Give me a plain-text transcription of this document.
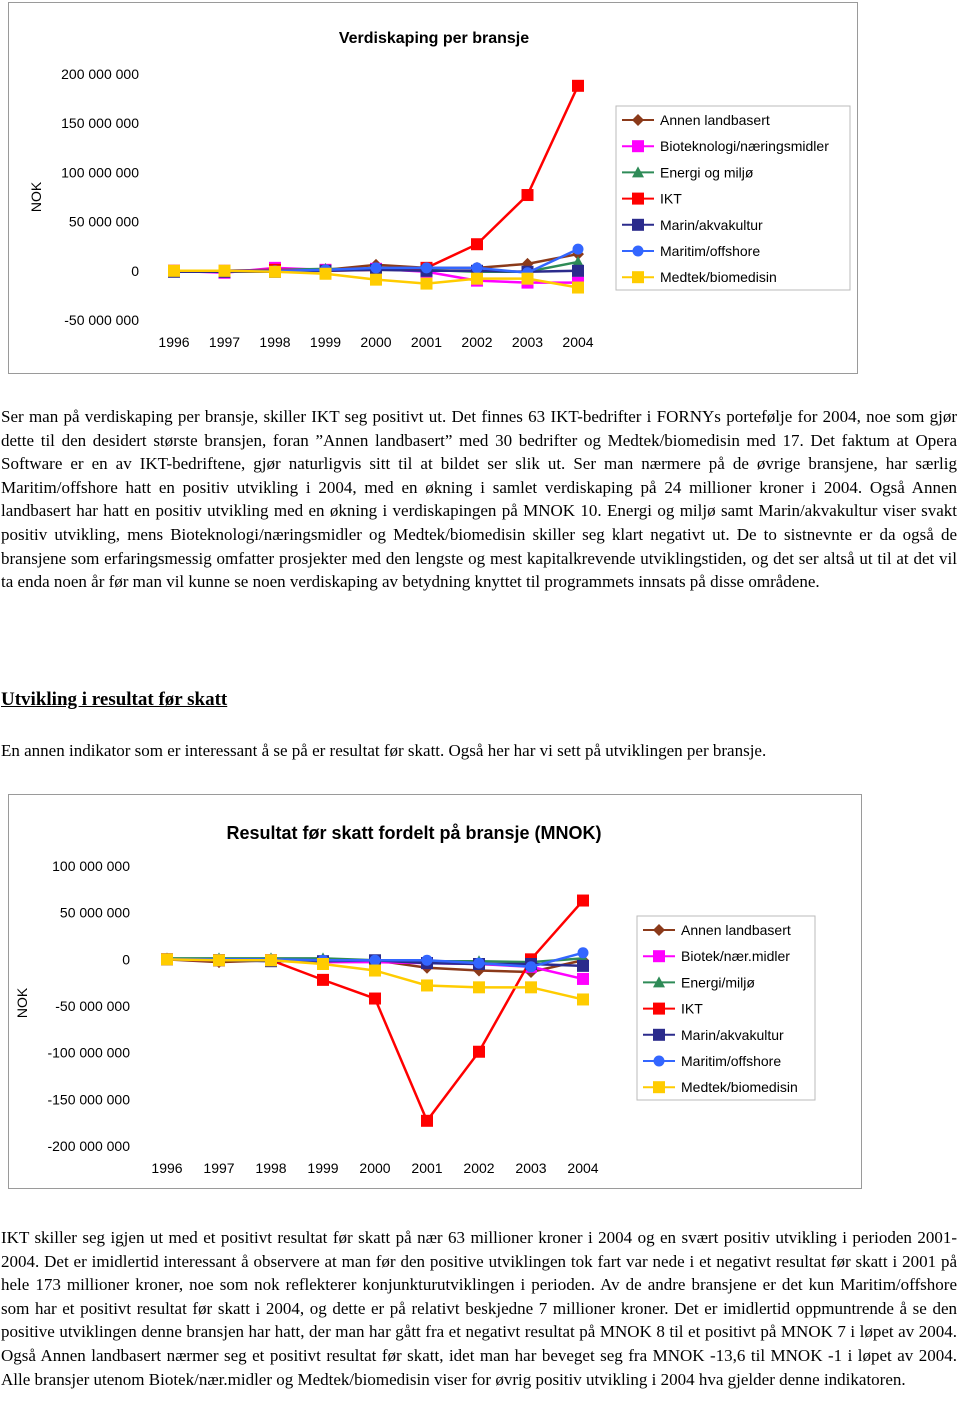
Verdiskaping per bransje
NOK
200 000 000
150 000 000
100 000 000
50 000 000
0
-50 000 000
1996 1997 1998 1999 2000 2001 2002 2003 2004
Annen landbasert
Bioteknologi/næringsmidler
Energi og miljø
IKT
Marin/akvakultur
Maritim/offshore
Medtek/biomedisin

Ser man på verdiskaping per bransje, skiller IKT seg positivt ut. Det finnes 63 IKT-bedrifter i FORNYs portefølje for 2004, noe som gjør dette til den desidert største bransjen, foran ”Annen landbasert” med 30 bedrifter og Medtek/biomedisin med 17. Det faktum at Opera Software er en av IKT-bedriftene, gjør naturligvis sitt til at bildet ser slik ut. Ser man nærmere på de øvrige bransjene, har særlig Maritim/offshore hatt en positiv utvikling i 2004, med en økning i samlet verdiskaping på 24 millioner kroner i 2004. Også Annen landbasert har hatt en positiv utvikling med en økning i verdiskapingen på MNOK 10. Energi og miljø samt Marin/akvakultur viser svakt positiv utvikling, mens Bioteknologi/næringsmidler og Medtek/biomedisin skiller seg klart negativt ut. De to sistnevnte er da også de bransjene som erfaringsmessig omfatter prosjekter med den lengste og mest kapitalkrevende utviklingstiden, og det ser altså ut til at det vil ta enda noen år før man vil kunne se noen verdiskaping av betydning knyttet til programmets innsats på disse områdene.

Utvikling i resultat før skatt

En annen indikator som er interessant å se på er resultat før skatt. Også her har vi sett på utviklingen per bransje.

Resultat før skatt fordelt på bransje (MNOK)
NOK
100 000 000
50 000 000
0
-50 000 000
-100 000 000
-150 000 000
-200 000 000
1996 1997 1998 1999 2000 2001 2002 2003 2004
Annen landbasert
Biotek/nær.midler
Energi/miljø
IKT
Marin/akvakultur
Maritim/offshore
Medtek/biomedisin

IKT skiller seg igjen ut med et positivt resultat før skatt på nær 63 millioner kroner i 2004 og en svært positiv utvikling i perioden 2001-2004. Det er imidlertid interessant å observere at man før den positive utviklingen tok fart var nede i et negativt resultat før skatt i 2001 på hele 173 millioner kroner, noe som nok reflekterer konjunkturutviklingen i perioden. Av de andre bransjene er det kun Maritim/offshore som har et positivt resultat før skatt i 2004, og dette er på relativt beskjedne 7 millioner kroner. Det er imidlertid oppmuntrende å se den positive utviklingen denne bransjen har hatt, der man har gått fra et negativt resultat på MNOK 8 til et positivt på MNOK 7 i løpet av 2004. Også Annen landbasert nærmer seg et positivt resultat før skatt, idet man har beveget seg fra MNOK -13,6 til MNOK -1 i løpet av 2004. Alle bransjer utenom Biotek/nær.midler og Medtek/biomedisin viser for øvrig positiv utvikling i 2004 hva gjelder denne indikatoren.
